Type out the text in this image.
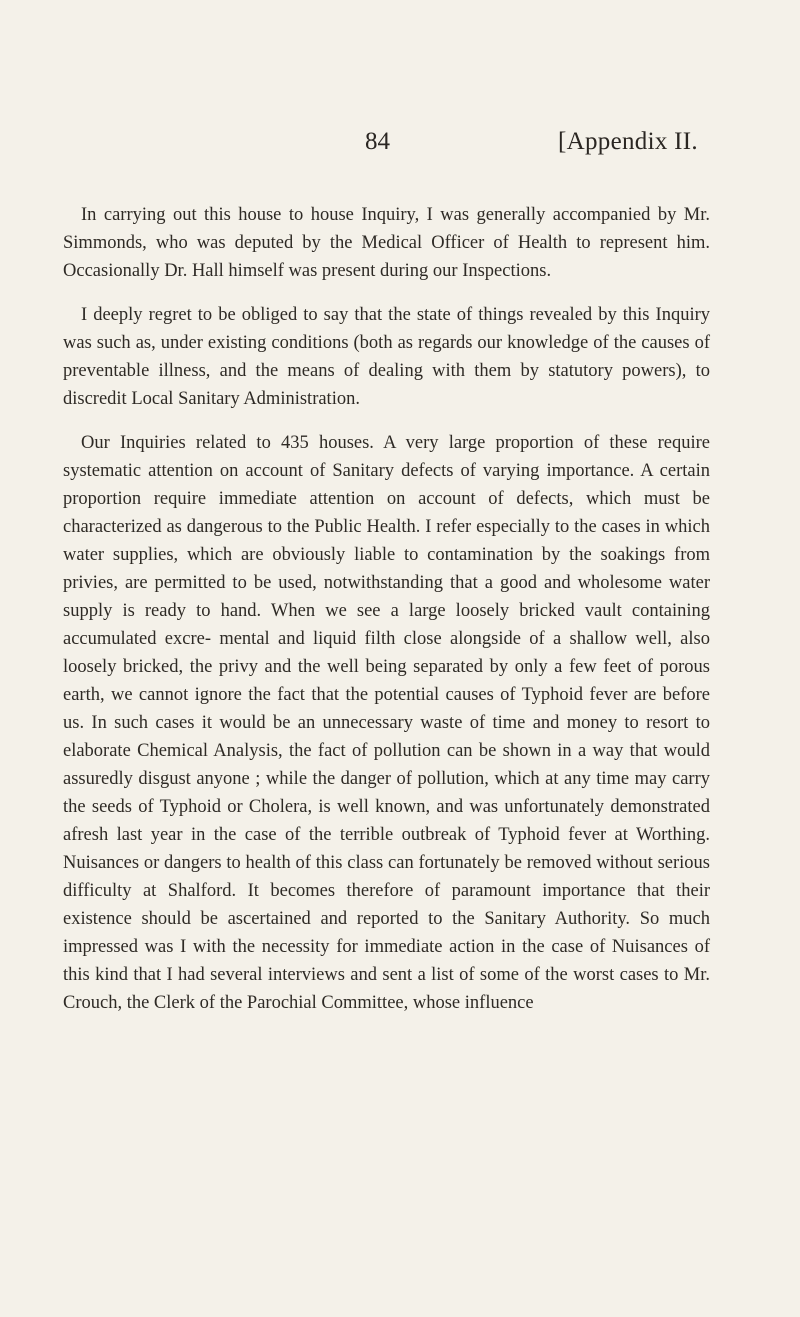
84	[Appendix II.

In carrying out this house to house Inquiry, I was generally accompanied by Mr. Simmonds, who was deputed by the Medical Officer of Health to represent him. Occasionally Dr. Hall himself was present during our Inspections.

I deeply regret to be obliged to say that the state of things revealed by this Inquiry was such as, under existing conditions (both as regards our knowledge of the causes of preventable illness, and the means of dealing with them by statutory powers), to discredit Local Sanitary Administration.

Our Inquiries related to 435 houses. A very large proportion of these require systematic attention on account of Sanitary defects of varying importance. A certain proportion require immediate attention on account of defects, which must be characterized as dangerous to the Public Health. I refer especially to the cases in which water supplies, which are obviously liable to contamination by the soakings from privies, are permitted to be used, notwithstanding that a good and wholesome water supply is ready to hand. When we see a large loosely bricked vault containing accumulated excre- mental and liquid filth close alongside of a shallow well, also loosely bricked, the privy and the well being separated by only a few feet of porous earth, we cannot ignore the fact that the potential causes of Typhoid fever are before us. In such cases it would be an unnecessary waste of time and money to resort to elaborate Chemical Analysis, the fact of pollution can be shown in a way that would assuredly disgust anyone ; while the danger of pollution, which at any time may carry the seeds of Typhoid or Cholera, is well known, and was unfortunately demonstrated afresh last year in the case of the terrible outbreak of Typhoid fever at Worthing. Nuisances or dangers to health of this class can fortunately be removed without serious difficulty at Shalford. It becomes therefore of paramount importance that their existence should be ascertained and reported to the Sanitary Authority. So much impressed was I with the necessity for immediate action in the case of Nuisances of this kind that I had several interviews and sent a list of some of the worst cases to Mr. Crouch, the Clerk of the Parochial Committee, whose influence
